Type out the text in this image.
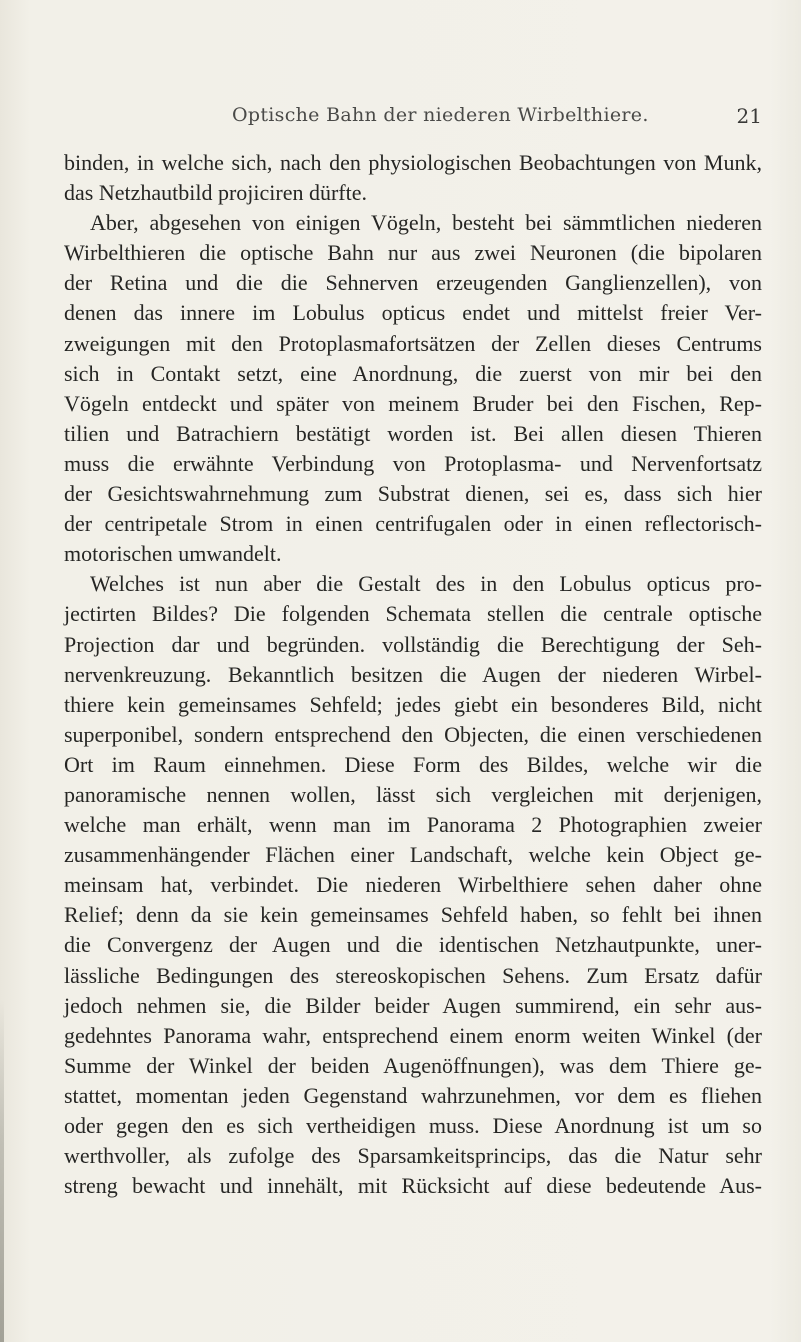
Optische Bahn der niederen Wirbelthiere.	21
binden, in welche sich, nach den physiologischen Beobachtungen von Munk,
das Netzhautbild projiciren dürfte.
Aber, abgesehen von einigen Vögeln, besteht bei sämmtlichen niederen
Wirbelthieren die optische Bahn nur aus zwei Neuronen (die bipolaren
der Retina und die die Sehnerven erzeugenden Ganglienzellen), von
denen das innere im Lobulus opticus endet und mittelst freier Ver-
zweigungen mit den Protoplasmafortsätzen der Zellen dieses Centrums
sich in Contakt setzt, eine Anordnung, die zuerst von mir bei den
Vögeln entdeckt und später von meinem Bruder bei den Fischen, Rep-
tilien und Batrachiern bestätigt worden ist. Bei allen diesen Thieren
muss die erwähnte Verbindung von Protoplasma- und Nervenfortsatz
der Gesichtswahrnehmung zum Substrat dienen, sei es, dass sich hier
der centripetale Strom in einen centrifugalen oder in einen reflectorisch-
motorischen umwandelt.
Welches ist nun aber die Gestalt des in den Lobulus opticus pro-
jectirten Bildes? Die folgenden Schemata stellen die centrale optische
Projection dar und begründen. vollständig die Berechtigung der Seh-
nervenkreuzung. Bekanntlich besitzen die Augen der niederen Wirbel-
thiere kein gemeinsames Sehfeld; jedes giebt ein besonderes Bild, nicht
superponibel, sondern entsprechend den Objecten, die einen verschiedenen
Ort im Raum einnehmen. Diese Form des Bildes, welche wir die
panoramische nennen wollen, lässt sich vergleichen mit derjenigen,
welche man erhält, wenn man im Panorama 2 Photographien zweier
zusammenhängender Flächen einer Landschaft, welche kein Object ge-
meinsam hat, verbindet. Die niederen Wirbelthiere sehen daher ohne
Relief; denn da sie kein gemeinsames Sehfeld haben, so fehlt bei ihnen
die Convergenz der Augen und die identischen Netzhautpunkte, uner-
lässliche Bedingungen des stereoskopischen Sehens. Zum Ersatz dafür
jedoch nehmen sie, die Bilder beider Augen summirend, ein sehr aus-
gedehntes Panorama wahr, entsprechend einem enorm weiten Winkel (der
Summe der Winkel der beiden Augenöffnungen), was dem Thiere ge-
stattet, momentan jeden Gegenstand wahrzunehmen, vor dem es fliehen
oder gegen den es sich vertheidigen muss. Diese Anordnung ist um so
werthvoller, als zufolge des Sparsamkeitsprincips, das die Natur sehr
streng bewacht und innehält, mit Rücksicht auf diese bedeutende Aus-
